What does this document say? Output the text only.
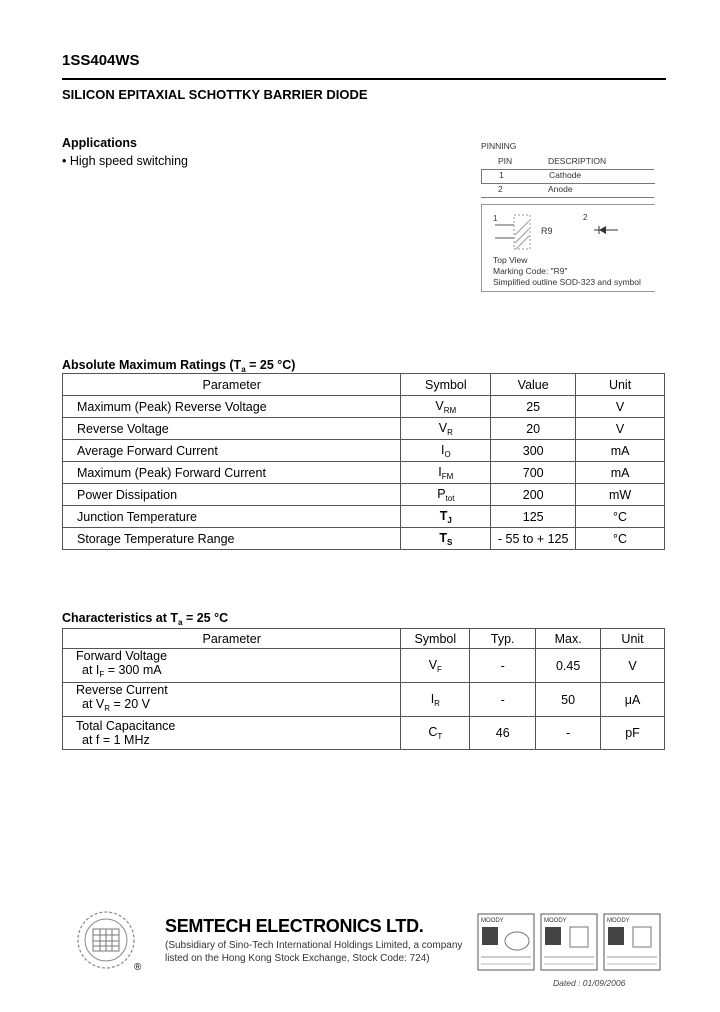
1SS404WS
SILICON EPITAXIAL SCHOTTKY BARRIER DIODE
Applications
• High speed switching
PINNING
PIN	DESCRIPTION
1	Cathode
2	Anode
1	2
R9
Top View
Marking Code: "R9"
Simplified outline SOD-323 and symbol
Absolute Maximum Ratings ($T_a = 25$ °C)
Parameter	Symbol	Value	Unit
Maximum (Peak) Reverse Voltage	$V_{RM}$	25	V
Reverse Voltage	$V_R$	20	V
Average Forward Current	$I_O$	300	mA
Maximum (Peak) Forward Current	$I_{FM}$	700	mA
Power Dissipation	$P_{tot}$	200	mW
Junction Temperature	$T_J$	125	°C
Storage Temperature Range	$T_S$	- 55 to + 125	°C
Characteristics at $T_a = 25$ °C
Parameter	Symbol	Typ.	Max.	Unit

Forward Voltage
at $I_F = 300$ mA	$V_F$	-	0.45	V

Reverse Current
at $V_R = 20$ V	$I_R$	-	50	μA

Total Capacitance
at f = 1 MHz	$C_T$	46	-	pF
®
SEMTECH ELECTRONICS LTD.
(Subsidiary of Sino-Tech International Holdings Limited, a company
listed on the Hong Kong Stock Exchange, Stock Code: 724)
MOODY	MOODY	MOODY
Dated : 01/09/2006
